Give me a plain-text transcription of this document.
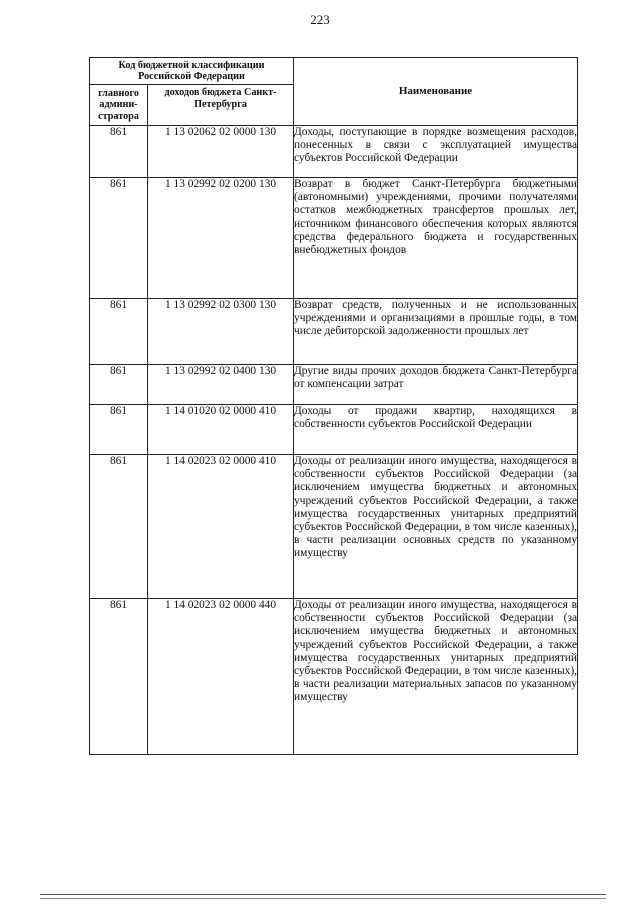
223
Код бюджетной классификации Российской Федерации		Наименование
главного админи-стратора	доходов бюджета Санкт-Петербурга	
861	1 13 02062 02 0000 130	Доходы, поступающие в порядке возмещения расходов, понесенных в связи с эксплуатацией имущества субъектов Российской Федерации
861	1 13 02992 02 0200 130	Возврат в бюджет Санкт-Петербурга бюджетными (автономными) учреждениями, прочими получателями остатков межбюджетных трансфертов прошлых лет, источником финансового обеспечения которых являются средства федерального бюджета и государственных внебюджетных фондов
861	1 13 02992 02 0300 130	Возврат средств, полученных и не использованных учреждениями и организациями в прошлые годы, в том числе дебиторской задолженности прошлых лет
861	1 13 02992 02 0400 130	Другие виды прочих доходов бюджета Санкт-Петербурга от компенсации затрат
861	1 14 01020 02 0000 410	Доходы от продажи квартир, находящихся в собственности субъектов Российской Федерации
861	1 14 02023 02 0000 410	Доходы от реализации иного имущества, находящегося в собственности субъектов Российской Федерации (за исключением имущества бюджетных и автономных учреждений субъектов Российской Федерации, а также имущества государственных унитарных предприятий субъектов Российской Федерации, в том числе казенных), в части реализации основных средств по указанному имуществу
861	1 14 02023 02 0000 440	Доходы от реализации иного имущества, находящегося в собственности субъектов Российской Федерации (за исключением имущества бюджетных и автономных учреждений субъектов Российской Федерации, а также имущества государственных унитарных предприятий субъектов Российской Федерации, в том числе казенных), в части реализации материальных запасов по указанному имуществу
